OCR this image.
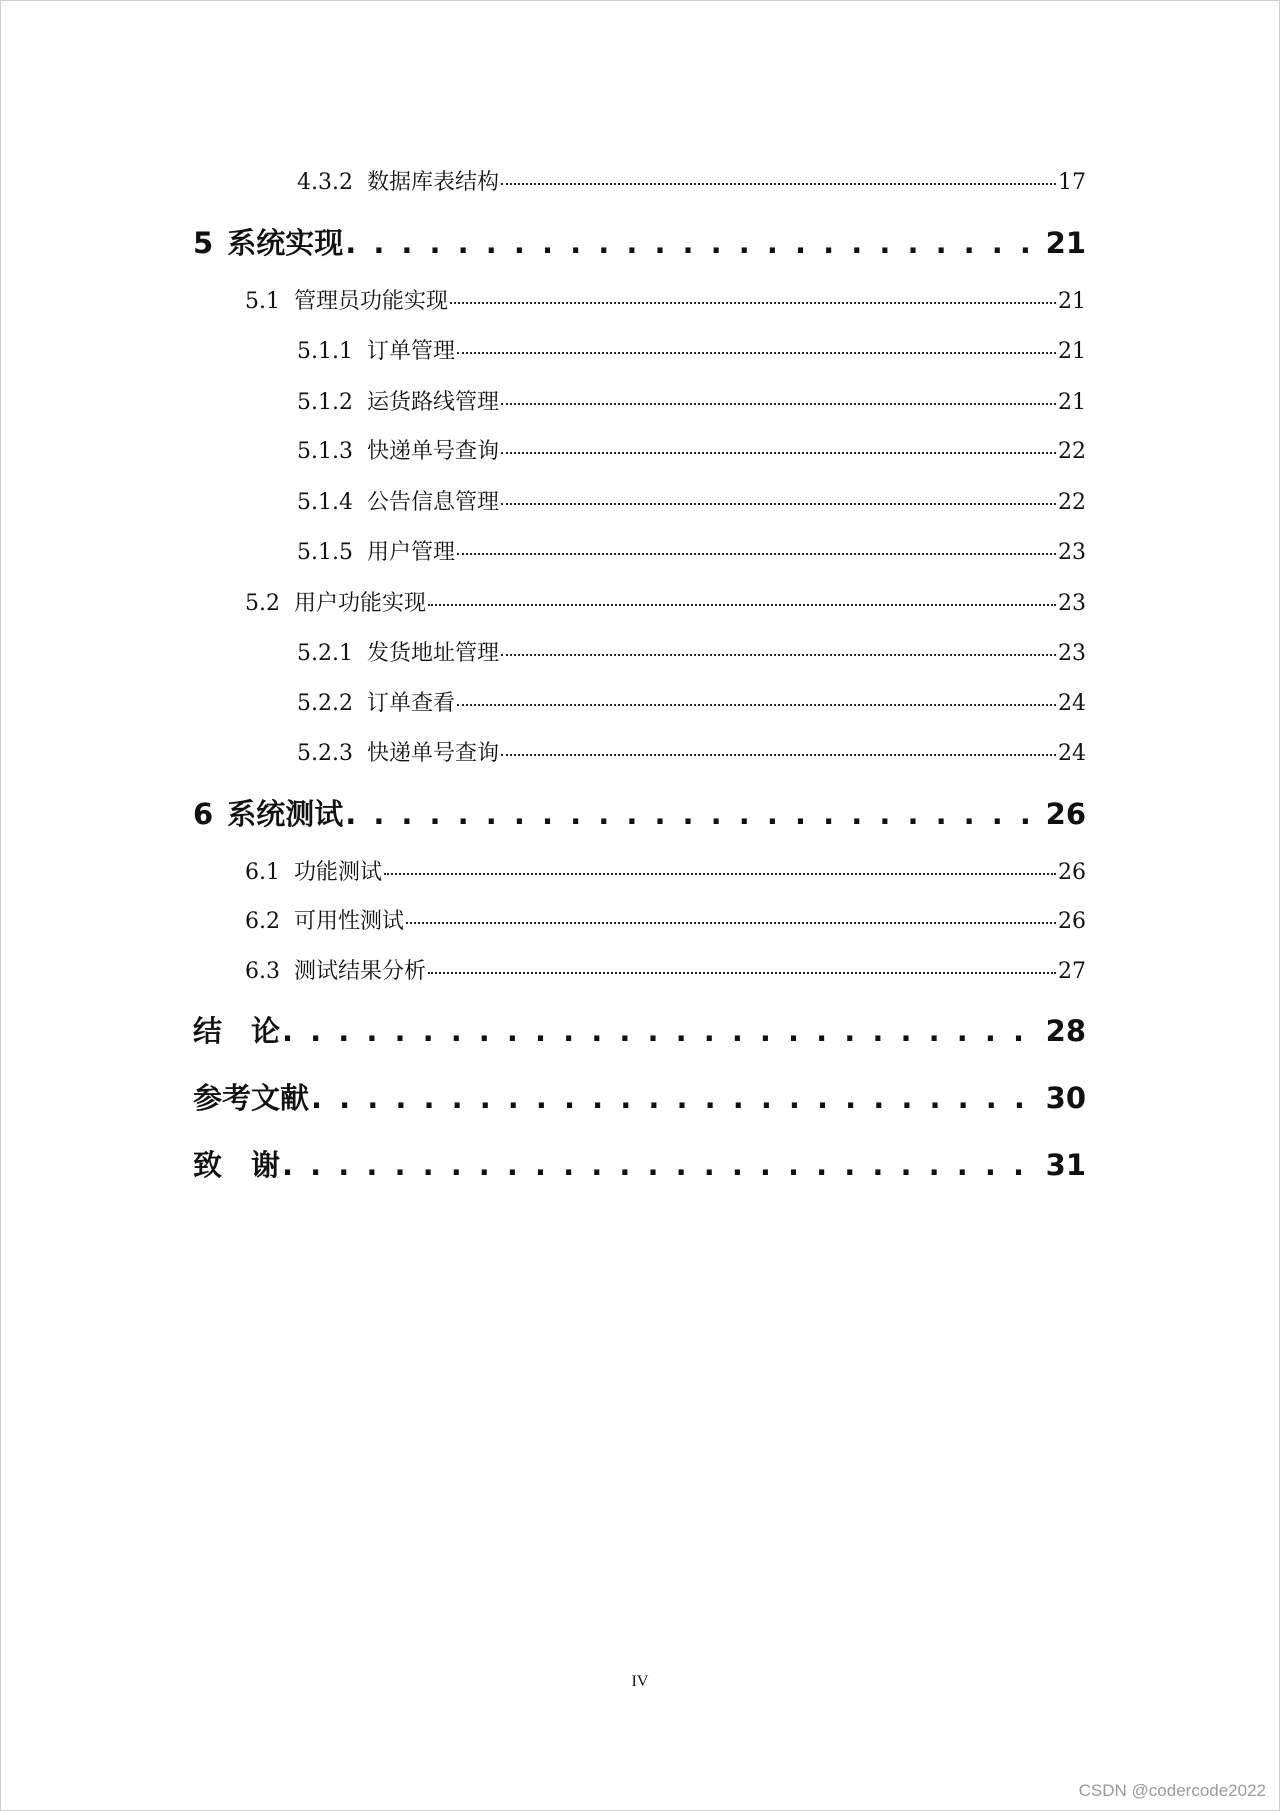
4.3.2 数据库表结构	17
5 系统实现 . . .	21
5.1 管理员功能实现	21
5.1.1 订单管理	21
5.1.2 运货路线管理	21
5.1.3 快递单号查询	22
5.1.4 公告信息管理	22
5.1.5 用户管理	23
5.2 用户功能实现	23
5.2.1 发货地址管理	23
5.2.2 订单查看	24
5.2.3 快递单号查询	24
6 系统测试 . . .	26
6.1 功能测试	26
6.2 可用性测试	26
6.3 测试结果分析	27
结　论 . . .	28
参考文献 . . .	30
致　谢 . . .	31
IV
CSDN @codercode2022
